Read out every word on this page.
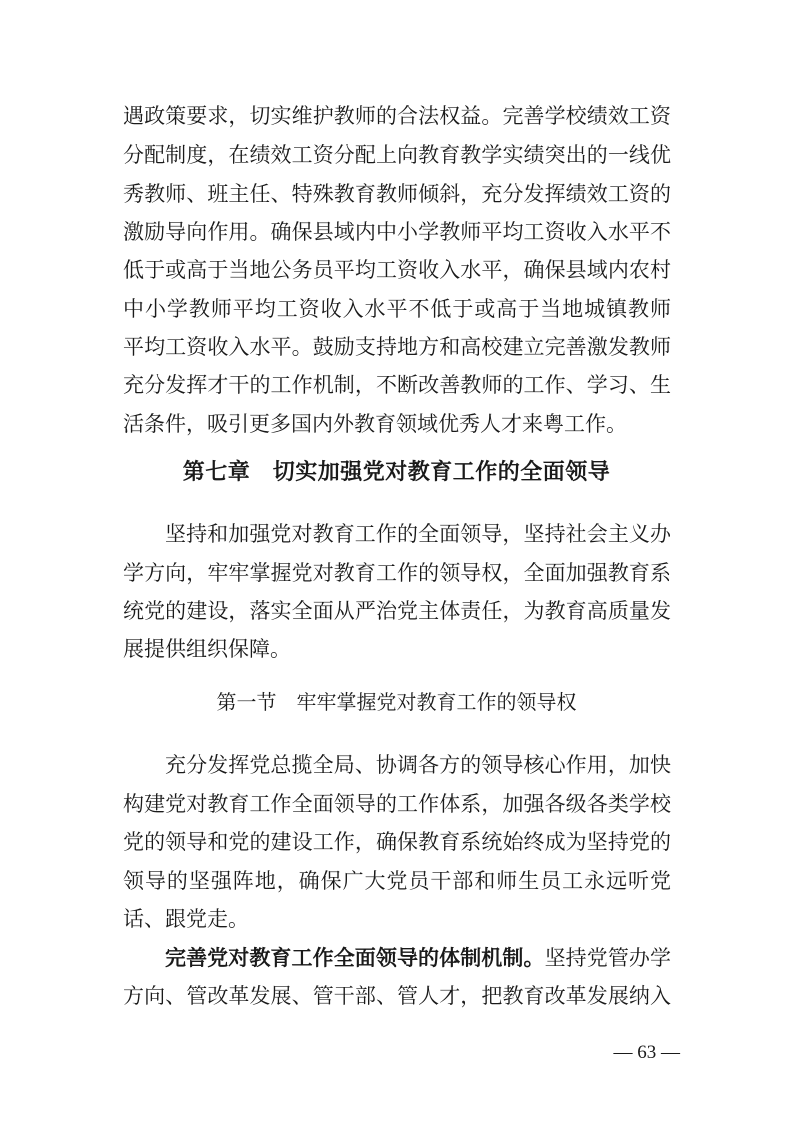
遇政策要求，切实维护教师的合法权益。完善学校绩效工资
分配制度，在绩效工资分配上向教育教学实绩突出的一线优
秀教师、班主任、特殊教育教师倾斜，充分发挥绩效工资的
激励导向作用。确保县域内中小学教师平均工资收入水平不
低于或高于当地公务员平均工资收入水平，确保县域内农村
中小学教师平均工资收入水平不低于或高于当地城镇教师
平均工资收入水平。鼓励支持地方和高校建立完善激发教师
充分发挥才干的工作机制，不断改善教师的工作、学习、生
活条件，吸引更多国内外教育领域优秀人才来粤工作。
第七章　切实加强党对教育工作的全面领导
坚持和加强党对教育工作的全面领导，坚持社会主义办
学方向，牢牢掌握党对教育工作的领导权，全面加强教育系
统党的建设，落实全面从严治党主体责任，为教育高质量发
展提供组织保障。
第一节　牢牢掌握党对教育工作的领导权
充分发挥党总揽全局、协调各方的领导核心作用，加快
构建党对教育工作全面领导的工作体系，加强各级各类学校
党的领导和党的建设工作，确保教育系统始终成为坚持党的
领导的坚强阵地，确保广大党员干部和师生员工永远听党
话、跟党走。
完善党对教育工作全面领导的体制机制。坚持党管办学
方向、管改革发展、管干部、管人才，把教育改革发展纳入
— 63 —
